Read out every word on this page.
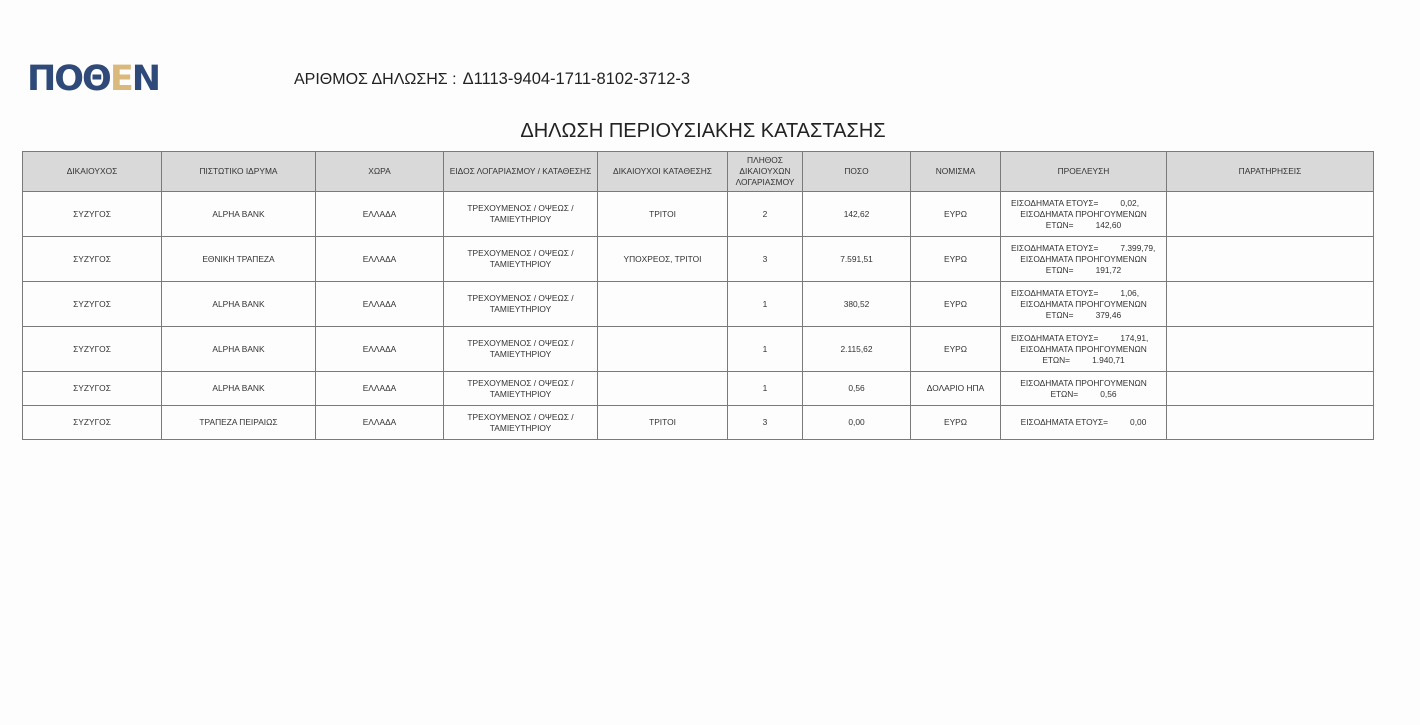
ΠΟΘΕΝ	ΑΡΙΘΜΟΣ ΔΗΛΩΣΗΣ : Δ1113-9404-1711-8102-3712-3
ΔΗΛΩΣΗ ΠΕΡΙΟΥΣΙΑΚΗΣ ΚΑΤΑΣΤΑΣΗΣ
ΔΙΚΑΙΟΥΧΟΣ	ΠΙΣΤΩΤΙΚΟ ΙΔΡΥΜΑ	ΧΩΡΑ	ΕΙΔΟΣ ΛΟΓΑΡΙΑΣΜΟΥ / ΚΑΤΑΘΕΣΗΣ	ΔΙΚΑΙΟΥΧΟΙ ΚΑΤΑΘΕΣΗΣ	ΠΛΗΘΟΣ ΔΙΚΑΙΟΥΧΩΝ ΛΟΓΑΡΙΑΣΜΟΥ	ΠΟΣΟ	ΝΟΜΙΣΜΑ	ΠΡΟΕΛΕΥΣΗ	ΠΑΡΑΤΗΡΗΣΕΙΣ
ΣΥΖΥΓΟΣ	ALPHA BANK	ΕΛΛΑΔΑ	ΤΡΕΧΟΥΜΕΝΟΣ / ΟΨΕΩΣ / ΤΑΜΙΕΥΤΗΡΙΟΥ	ΤΡΙΤΟΙ	2	142,62	ΕΥΡΩ	ΕΙΣΟΔΗΜΑΤΑ ΕΤΟΥΣ= 0,02,
ΕΙΣΟΔΗΜΑΤΑ ΠΡΟΗΓΟΥΜΕΝΩΝ
ΕΤΩΝ= 142,60	

ΣΥΖΥΓΟΣ	ΕΘΝΙΚΗ ΤΡΑΠΕΖΑ	ΕΛΛΑΔΑ	ΤΡΕΧΟΥΜΕΝΟΣ / ΟΨΕΩΣ / ΤΑΜΙΕΥΤΗΡΙΟΥ	ΥΠΟΧΡΕΟΣ, ΤΡΙΤΟΙ	3	7.591,51	ΕΥΡΩ	ΕΙΣΟΔΗΜΑΤΑ ΕΤΟΥΣ= 7.399,79,
ΕΙΣΟΔΗΜΑΤΑ ΠΡΟΗΓΟΥΜΕΝΩΝ
ΕΤΩΝ= 191,72	

ΣΥΖΥΓΟΣ	ALPHA BANK	ΕΛΛΑΔΑ	ΤΡΕΧΟΥΜΕΝΟΣ / ΟΨΕΩΣ / ΤΑΜΙΕΥΤΗΡΙΟΥ		1	380,52	ΕΥΡΩ	ΕΙΣΟΔΗΜΑΤΑ ΕΤΟΥΣ= 1,06,
ΕΙΣΟΔΗΜΑΤΑ ΠΡΟΗΓΟΥΜΕΝΩΝ
ΕΤΩΝ= 379,46	

ΣΥΖΥΓΟΣ	ALPHA BANK	ΕΛΛΑΔΑ	ΤΡΕΧΟΥΜΕΝΟΣ / ΟΨΕΩΣ / ΤΑΜΙΕΥΤΗΡΙΟΥ		1	2.115,62	ΕΥΡΩ	ΕΙΣΟΔΗΜΑΤΑ ΕΤΟΥΣ= 174,91,
ΕΙΣΟΔΗΜΑΤΑ ΠΡΟΗΓΟΥΜΕΝΩΝ
ΕΤΩΝ= 1.940,71	

ΣΥΖΥΓΟΣ	ALPHA BANK	ΕΛΛΑΔΑ	ΤΡΕΧΟΥΜΕΝΟΣ / ΟΨΕΩΣ / ΤΑΜΙΕΥΤΗΡΙΟΥ		1	0,56	ΔΟΛΑΡΙΟ ΗΠΑ	ΕΙΣΟΔΗΜΑΤΑ ΠΡΟΗΓΟΥΜΕΝΩΝ
ΕΤΩΝ= 0,56	

ΣΥΖΥΓΟΣ	ΤΡΑΠΕΖΑ ΠΕΙΡΑΙΩΣ	ΕΛΛΑΔΑ	ΤΡΕΧΟΥΜΕΝΟΣ / ΟΨΕΩΣ / ΤΑΜΙΕΥΤΗΡΙΟΥ	ΤΡΙΤΟΙ	3	0,00	ΕΥΡΩ	ΕΙΣΟΔΗΜΑΤΑ ΕΤΟΥΣ= 0,00	
